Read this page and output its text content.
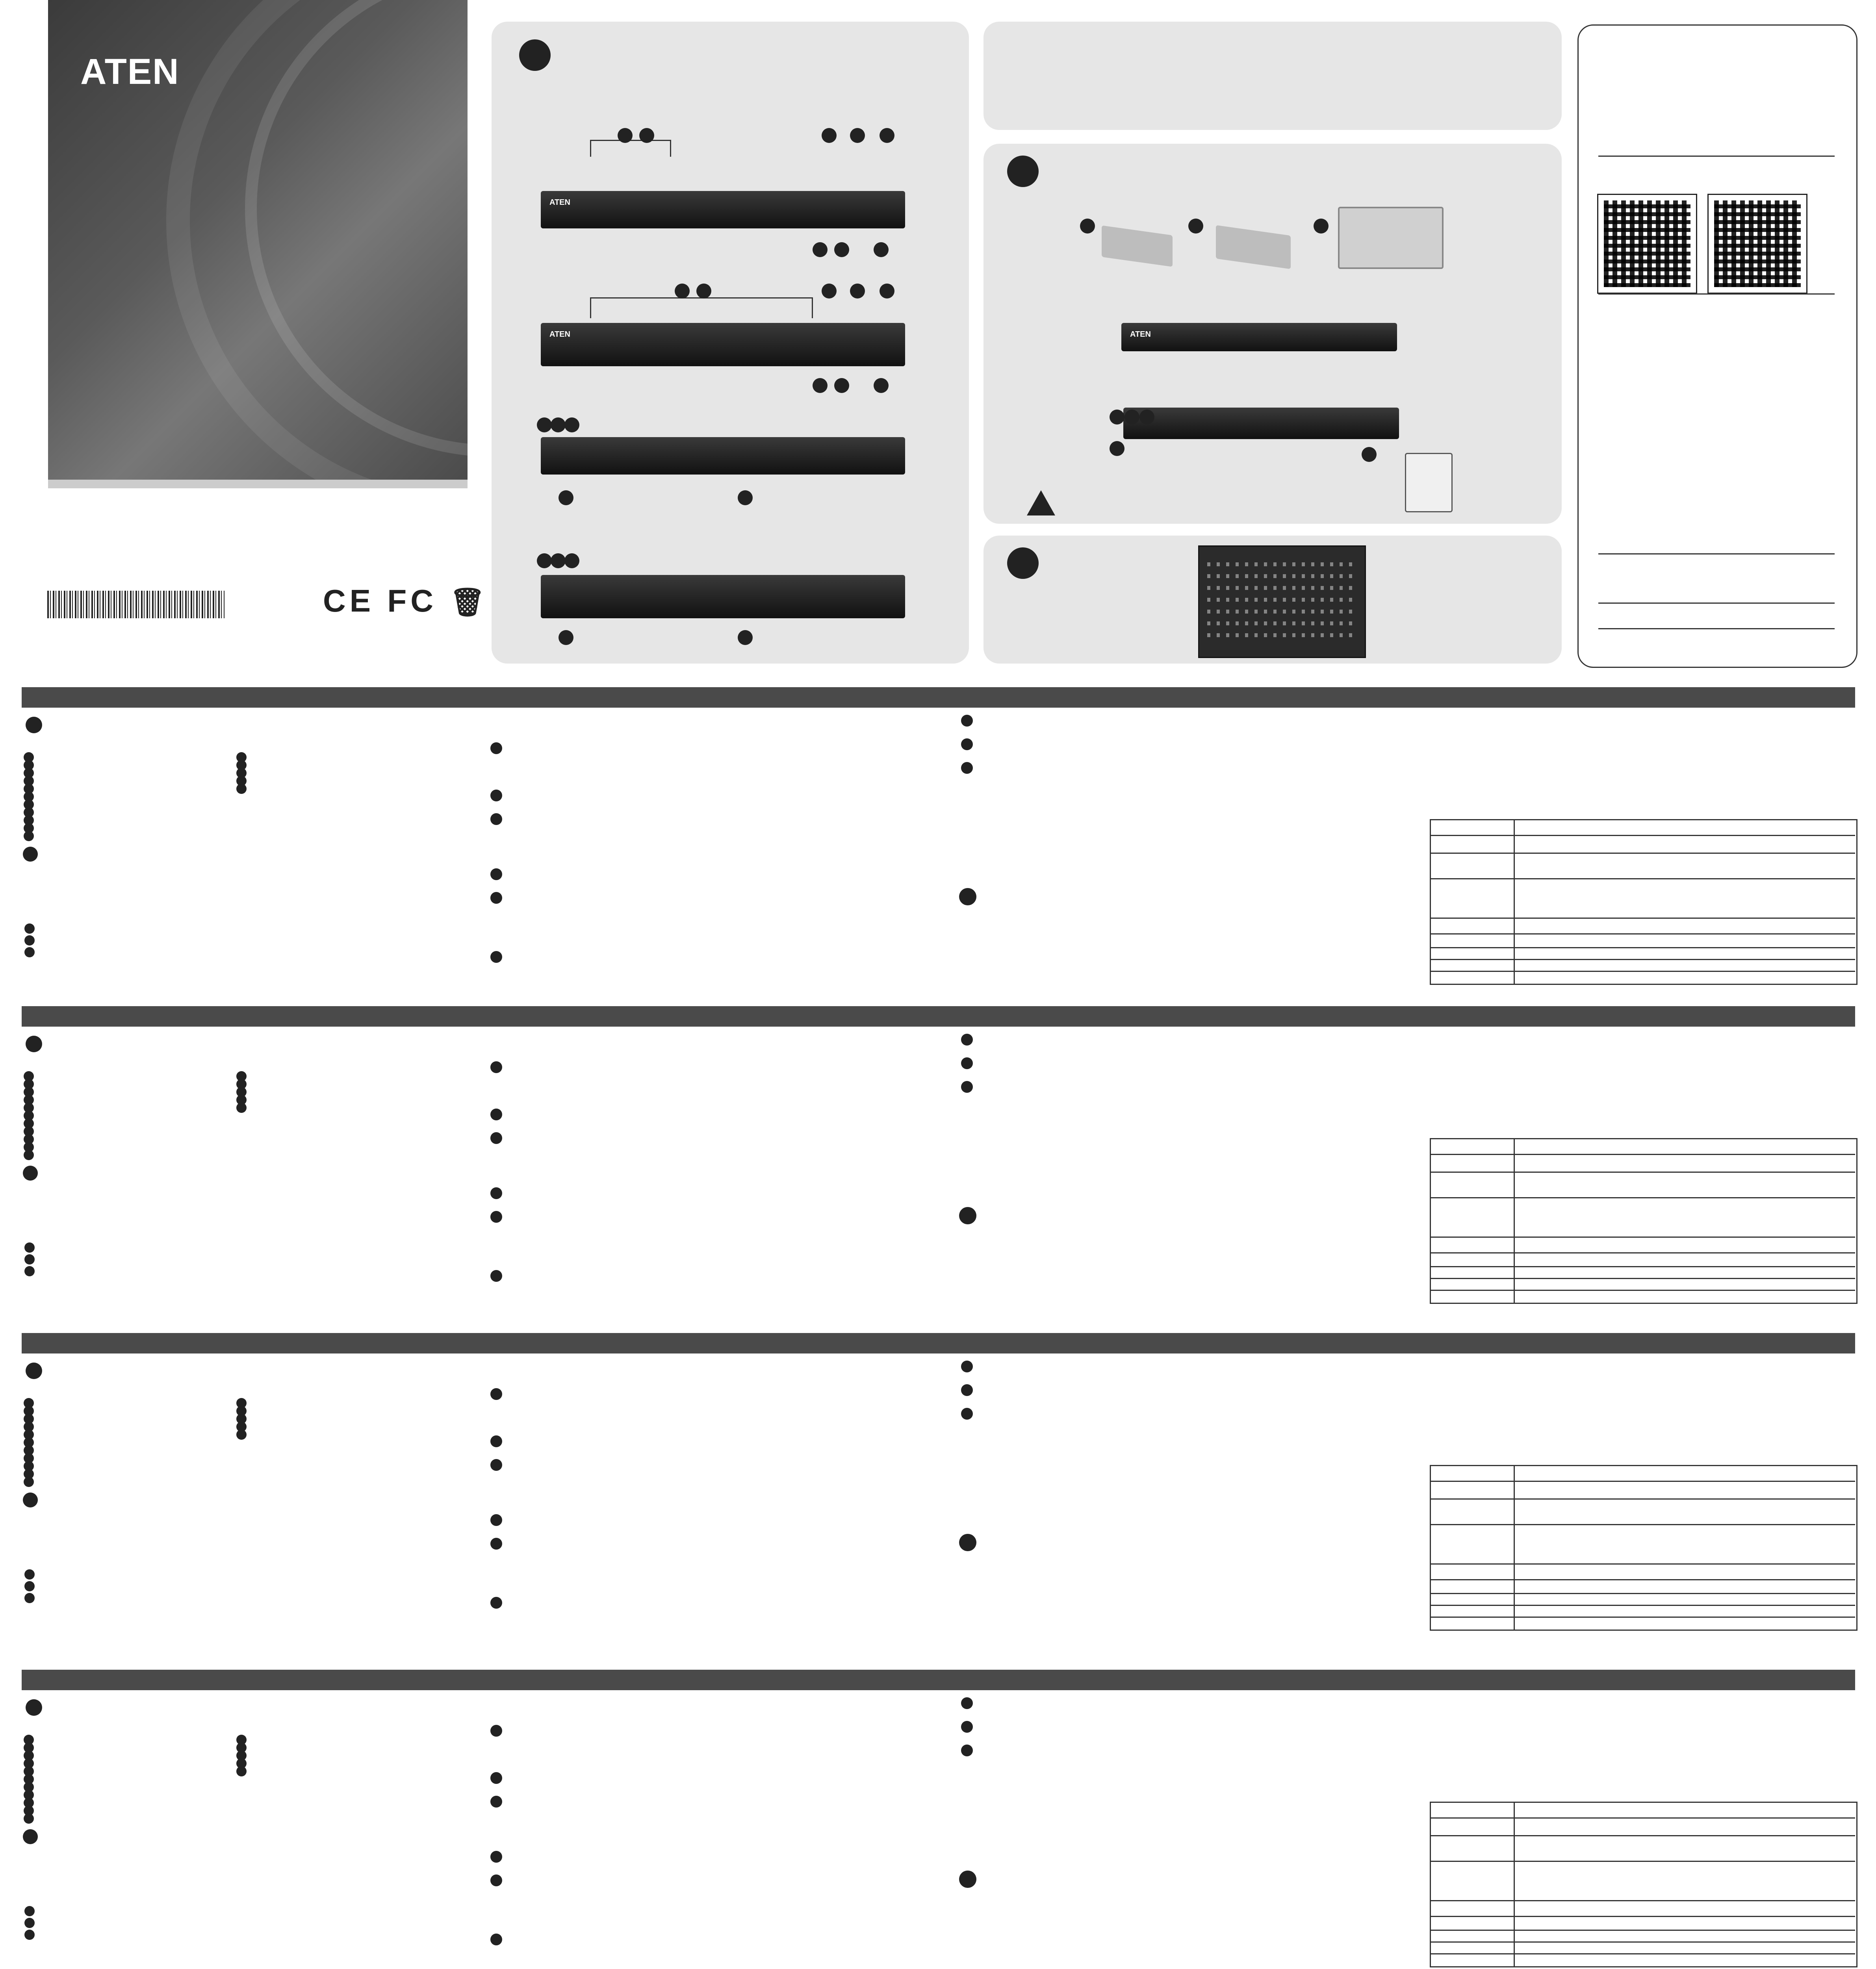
ATEN
CE FC 🗑
ATEN
ATEN	ATEN
